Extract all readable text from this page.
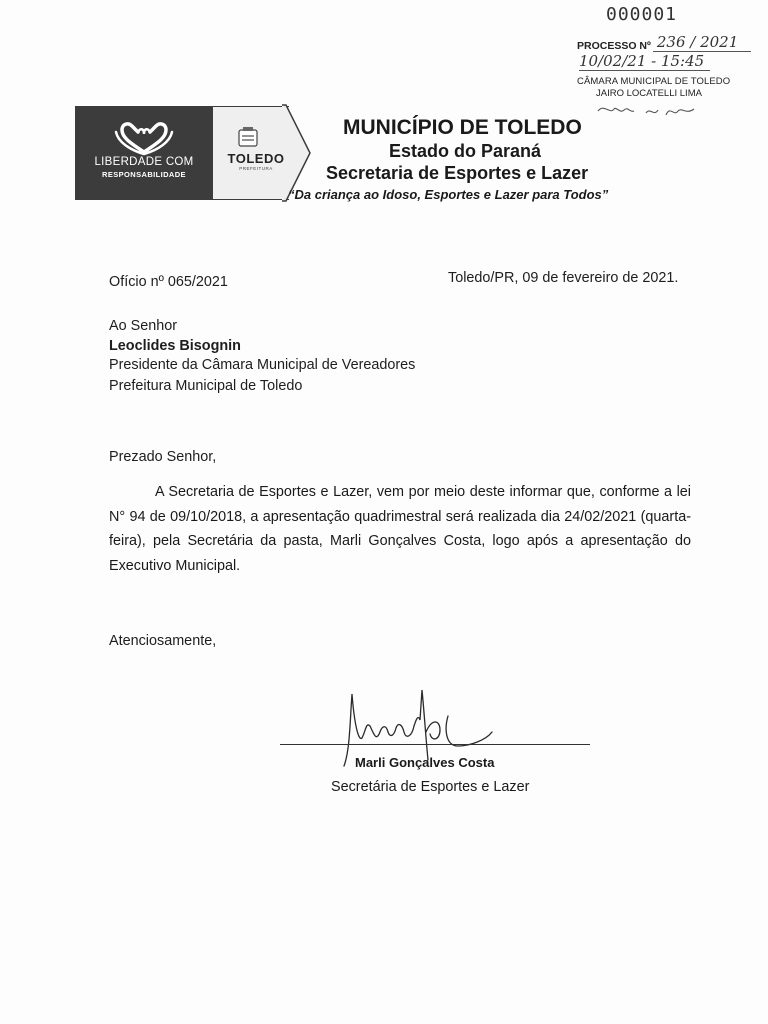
000001
PROCESSO Nº 236 / 2021
10/02/21 - 15:45
CÂMARA MUNICIPAL DE TOLEDO
JAIRO LOCATELLI LIMA
LIBERDADE COM
RESPONSABILIDADE
TOLEDO
PREFEITURA
MUNICÍPIO DE TOLEDO
Estado do Paraná
Secretaria de Esportes e Lazer
“Da criança ao Idoso, Esportes e Lazer para Todos”
Ofício nº 065/2021	Toledo/PR, 09 de fevereiro de 2021.
Ao Senhor
Leoclides Bisognin
Presidente da Câmara Municipal de Vereadores
Prefeitura Municipal de Toledo
Prezado Senhor,
A Secretaria de Esportes e Lazer, vem por meio deste informar que, conforme a lei N° 94 de 09/10/2018, a apresentação quadrimestral será realizada dia 24/02/2021 (quarta-feira), pela Secretária da pasta, Marli Gonçalves Costa, logo após a apresentação do Executivo Municipal.
Atenciosamente,
Marli Gonçalves Costa
Secretária de Esportes e Lazer
